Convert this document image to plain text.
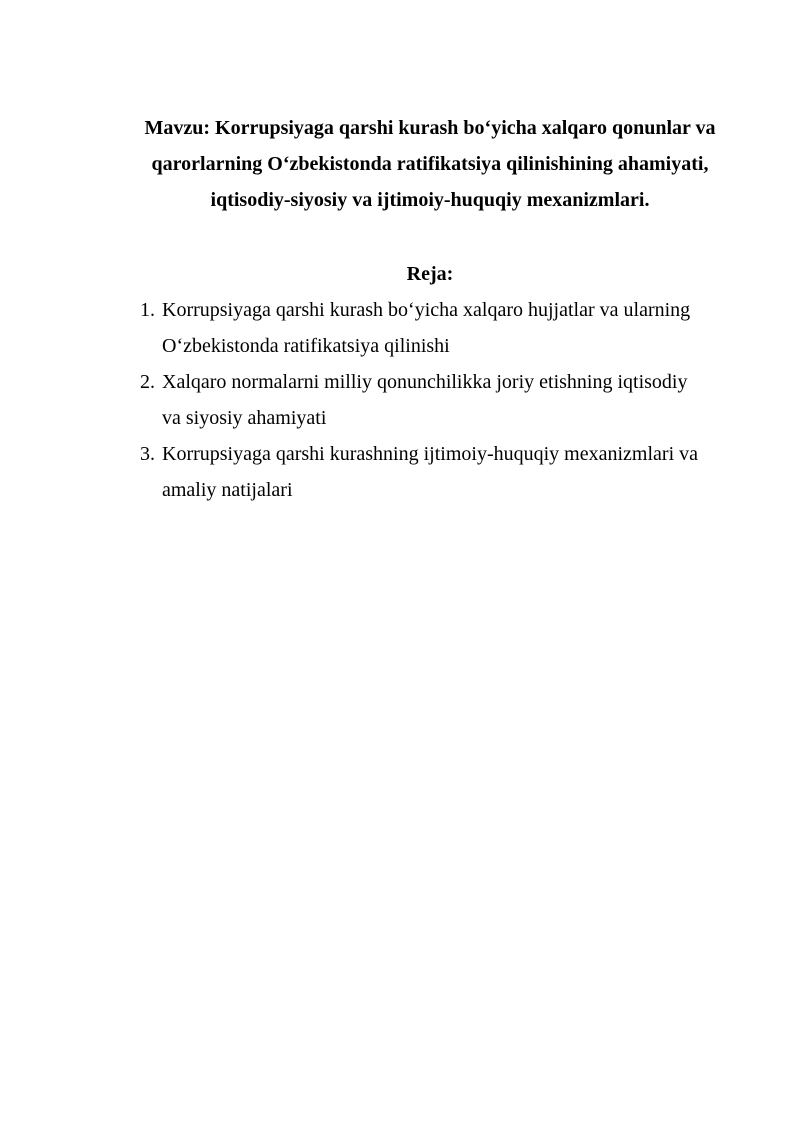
Mavzu: Korrupsiyaga qarshi kurash bo‘yicha xalqaro qonunlar va
qarorlarning O‘zbekistonda ratifikatsiya qilinishining ahamiyati,
iqtisodiy-siyosiy va ijtimoiy-huquqiy mexanizmlari.
Reja:
1. Korrupsiyaga qarshi kurash bo‘yicha xalqaro hujjatlar va ularning
O‘zbekistonda ratifikatsiya qilinishi
2. Xalqaro normalarni milliy qonunchilikka joriy etishning iqtisodiy
va siyosiy ahamiyati
3. Korrupsiyaga qarshi kurashning ijtimoiy-huquqiy mexanizmlari va
amaliy natijalari
